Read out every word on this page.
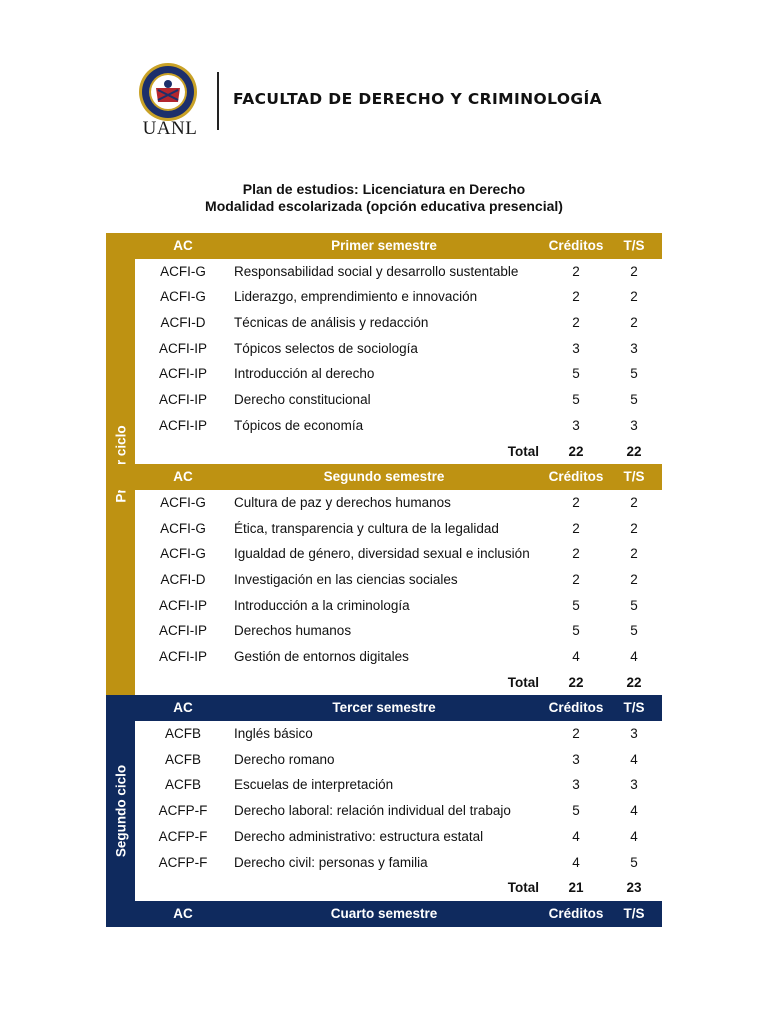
UANL
FACULTAD DE DERECHO Y CRIMINOLOGÍA
Plan de estudios: Licenciatura en Derecho
Modalidad escolarizada (opción educativa presencial)
Segundo ciclo
AC	Primer semestre	Créditos	T/S
ACFI-G	Responsabilidad social y desarrollo sustentable	2	2
ACFI-G	Liderazgo, emprendimiento e innovación	2	2
ACFI-D	Técnicas de análisis y redacción	2	2
ACFI-IP	Tópicos selectos de sociología	3	3
ACFI-IP	Introducción al derecho	5	5
ACFI-IP	Derecho constitucional	5	5
ACFI-IP	Tópicos de economía	3	3
Total	22	22
AC	Segundo semestre	Créditos	T/S
ACFI-G	Cultura de paz y derechos humanos	2	2
ACFI-G	Ética, transparencia y cultura de la legalidad	2	2
ACFI-G	Igualdad de género, diversidad sexual e inclusión	2	2
ACFI-D	Investigación en las ciencias sociales	2	2
ACFI-IP	Introducción a la criminología	5	5
ACFI-IP	Derechos humanos	5	5
ACFI-IP	Gestión de entornos digitales	4	4
Total	22	22
AC	Tercer semestre	Créditos	T/S
ACFB	Inglés básico	2	3
ACFB	Derecho romano	3	4
ACFB	Escuelas de interpretación	3	3
ACFP-F	Derecho laboral: relación individual del trabajo	5	4
ACFP-F	Derecho administrativo: estructura estatal	4	4
ACFP-F	Derecho civil: personas y familia	4	5
Total	21	23
AC	Cuarto semestre	Créditos	T/S
